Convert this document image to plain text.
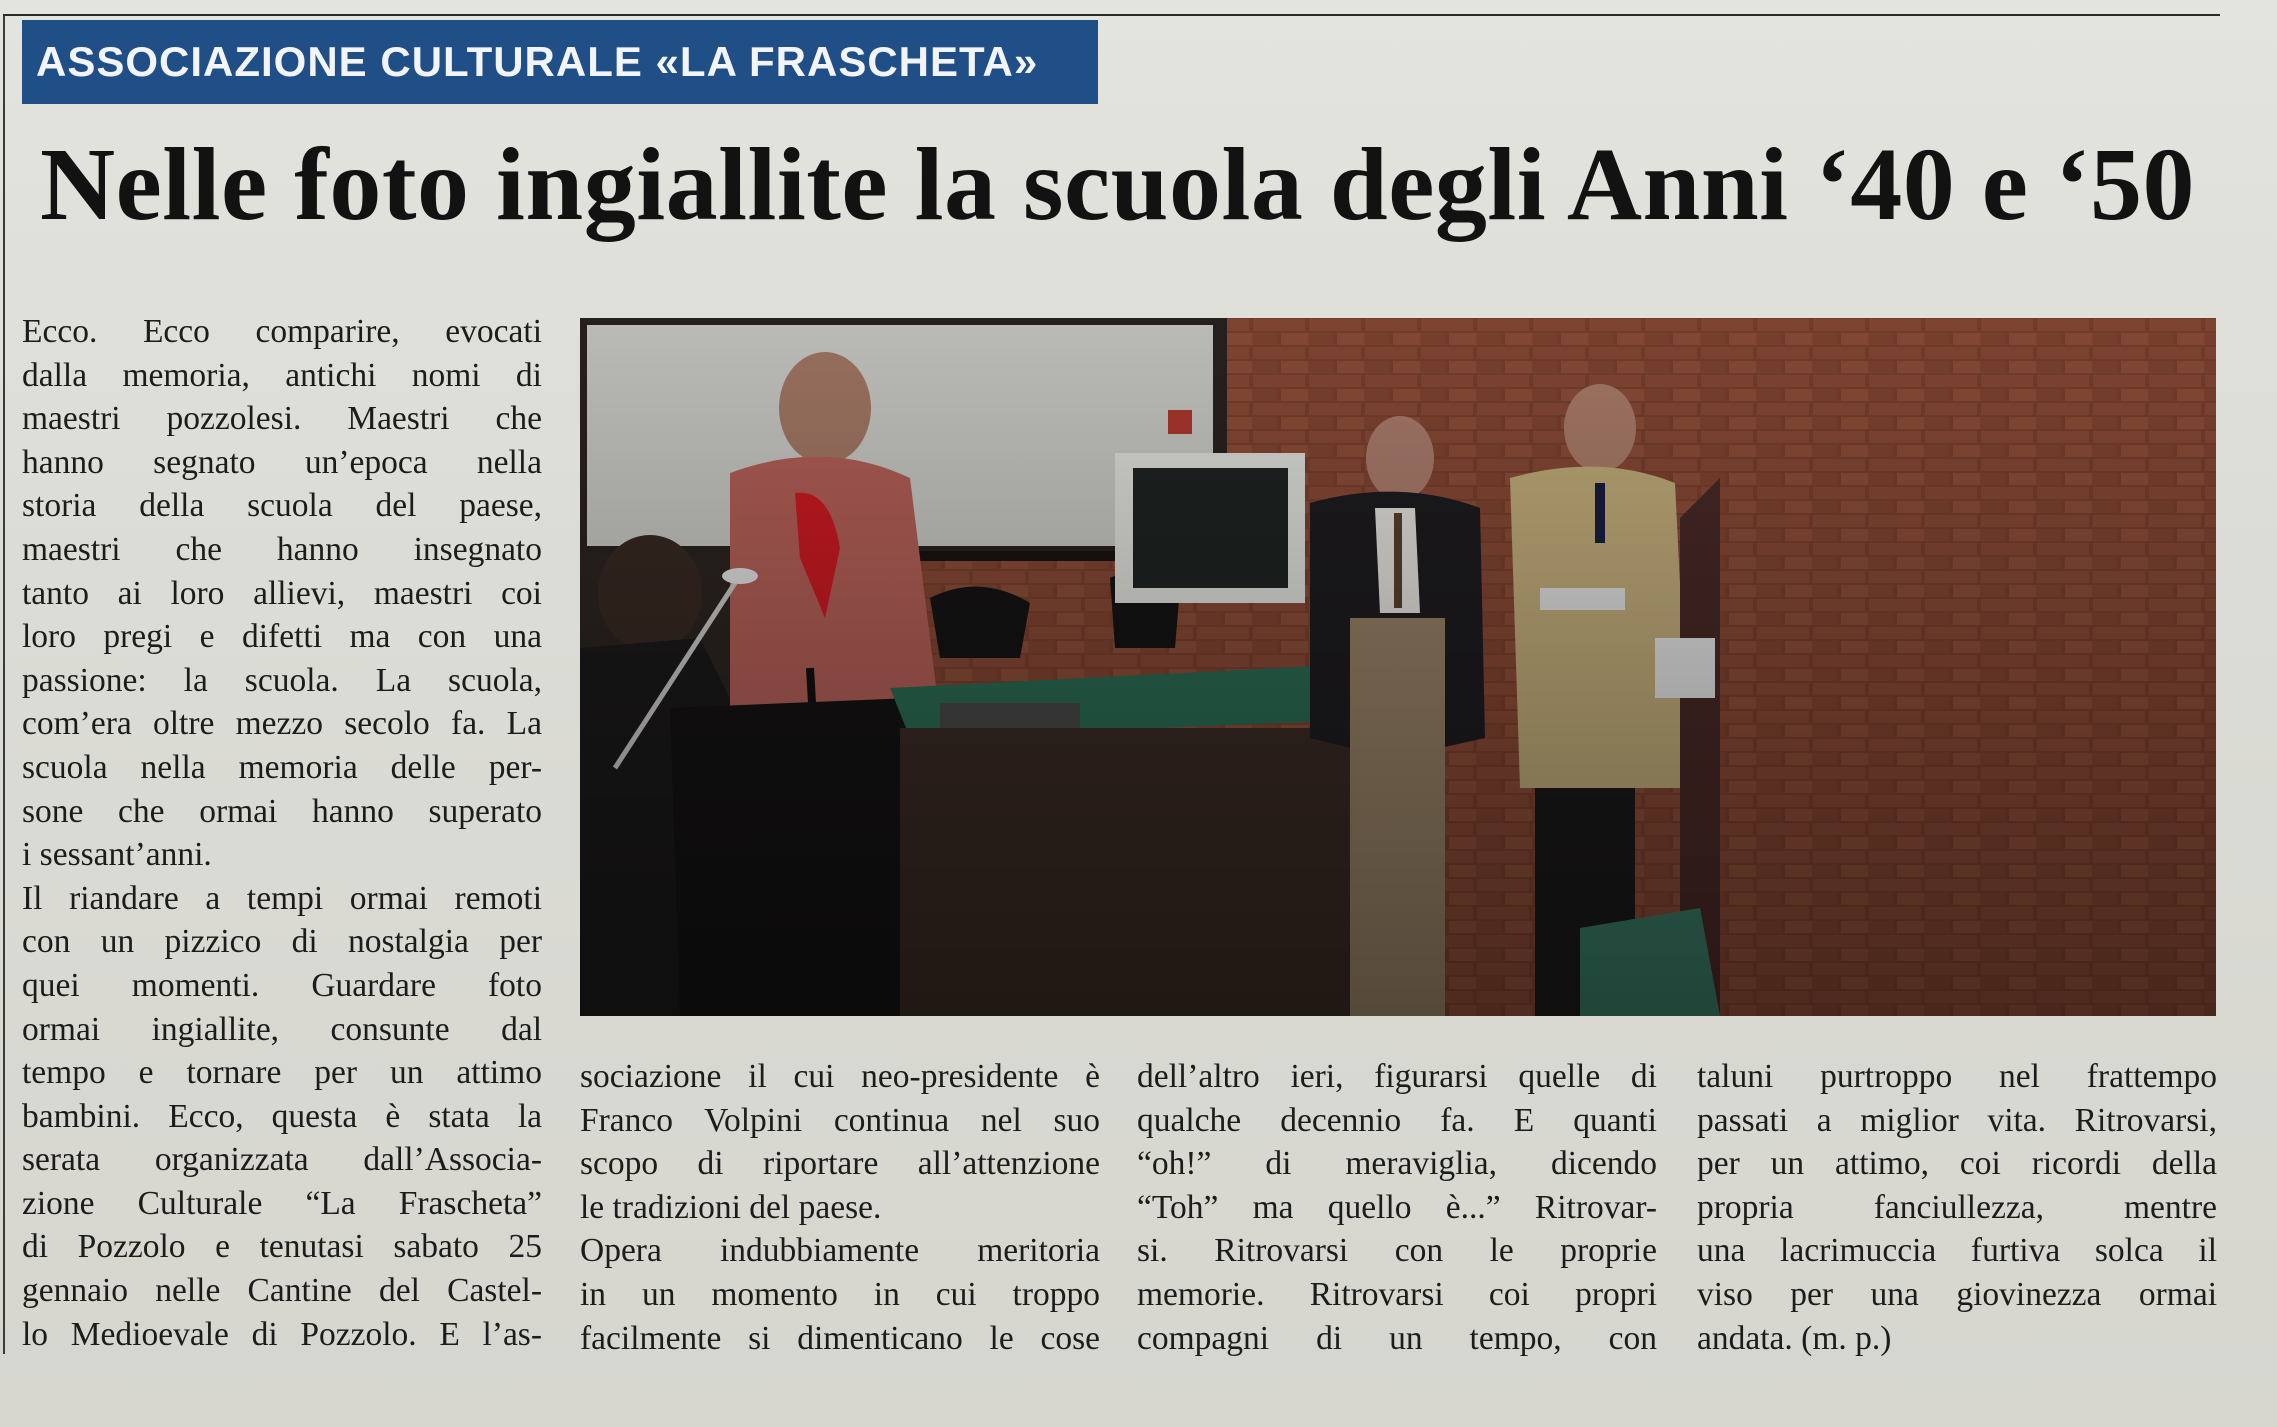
ASSOCIAZIONE CULTURALE «LA FRASCHETA»
Nelle foto ingiallite la scuola degli Anni ‘40 e ‘50
Ecco. Ecco comparire, evocati
dalla memoria, antichi nomi di
maestri pozzolesi. Maestri che
hanno segnato un’epoca nella
storia della scuola del paese,
maestri che hanno insegnato
tanto ai loro allievi, maestri coi
loro pregi e difetti ma con una
passione: la scuola. La scuola,
com’era oltre mezzo secolo fa. La
scuola nella memoria delle per-
sone che ormai hanno superato
i sessant’anni.
Il riandare a tempi ormai remoti
con un pizzico di nostalgia per
quei momenti. Guardare foto
ormai ingiallite, consunte dal
tempo e tornare per un attimo
bambini. Ecco, questa è stata la
serata organizzata dall’Associa-
zione Culturale “La Frascheta”
di Pozzolo e tenutasi sabato 25
gennaio nelle Cantine del Castel-
lo Medioevale di Pozzolo. E l’as-
sociazione il cui neo-presidente è
Franco Volpini continua nel suo
scopo di riportare all’attenzione
le tradizioni del paese.
Opera indubbiamente meritoria
in un momento in cui troppo
facilmente si dimenticano le cose
dell’altro ieri, figurarsi quelle di
qualche decennio fa. E quanti
“oh!” di meraviglia, dicendo
“Toh” ma quello è...” Ritrovar-
si. Ritrovarsi con le proprie
memorie. Ritrovarsi coi propri
compagni di un tempo, con
taluni purtroppo nel frattempo
passati a miglior vita. Ritrovarsi,
per un attimo, coi ricordi della
propria fanciullezza, mentre
una lacrimuccia furtiva solca il
viso per una giovinezza ormai
andata. (m. p.)
